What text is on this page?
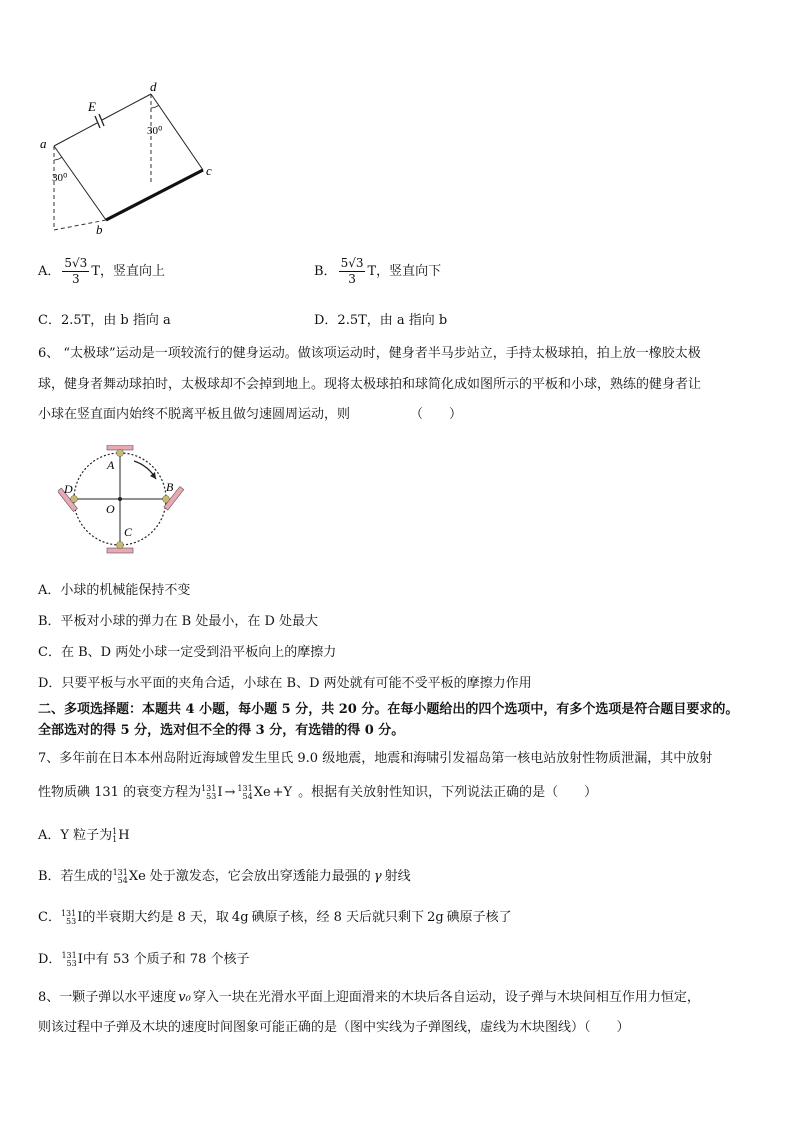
E
a
b
c
d
30⁰
30⁰
A． $\frac{5√3}{3}$ T，竖直向上	B． $\frac{5√3}{3}$ T，竖直向下
C．2.5T，由 b 指向 a	D．2.5T，由 a 指向 b
6、 “太极球”运动是一项较流行的健身运动。做该项运动时，健身者半马步站立，手持太极球拍，拍上放一橡胶太极
球，健身者舞动球拍时，太极球却不会掉到地上。现将太极球拍和球简化成如图所示的平板和小球，熟练的健身者让
小球在竖直面内始终不脱离平板且做匀速圆周运动，则	（　　）
A
B
C
D
O
A．小球的机械能保持不变
B．平板对小球的弹力在 B 处最小，在 D 处最大
C．在 B、D 两处小球一定受到沿平板向上的摩擦力
D．只要平板与水平面的夹角合适，小球在 B、D 两处就有可能不受平板的摩擦力作用
二、多项选择题：本题共 4 小题，每小题 5 分，共 20 分。在每小题给出的四个选项中，有多个选项是符合题目要求的。
全部选对的得 5 分，选对但不全的得 3 分，有选错的得 0 分。
7、多年前在日本本州岛附近海域曾发生里氏 9.0 级地震，地震和海啸引发福岛第一核电站放射性物质泄漏，其中放射
性物质碘 131 的衰变方程为 131
53 I → 131
54 Xe +Y 。根据有关放射性知识，下列说法正确的是（　　）
A．Y 粒子为 1
1 H
B．若生成的 131
54 Xe 处于激发态，它会放出穿透能力最强的 γ 射线
C． 131
53 I的半衰期大约是 8 天，取 4g 碘原子核，经 8 天后就只剩下 2g 碘原子核了
D． 131
53 I中有 53 个质子和 78 个核子
8、一颗子弹以水平速度 v₀ 穿入一块在光滑水平面上迎面滑来的木块后各自运动，设子弹与木块间相互作用力恒定，
则该过程中子弹及木块的速度时间图象可能正确的是（图中实线为子弹图线，虚线为木块图线）（　　）
